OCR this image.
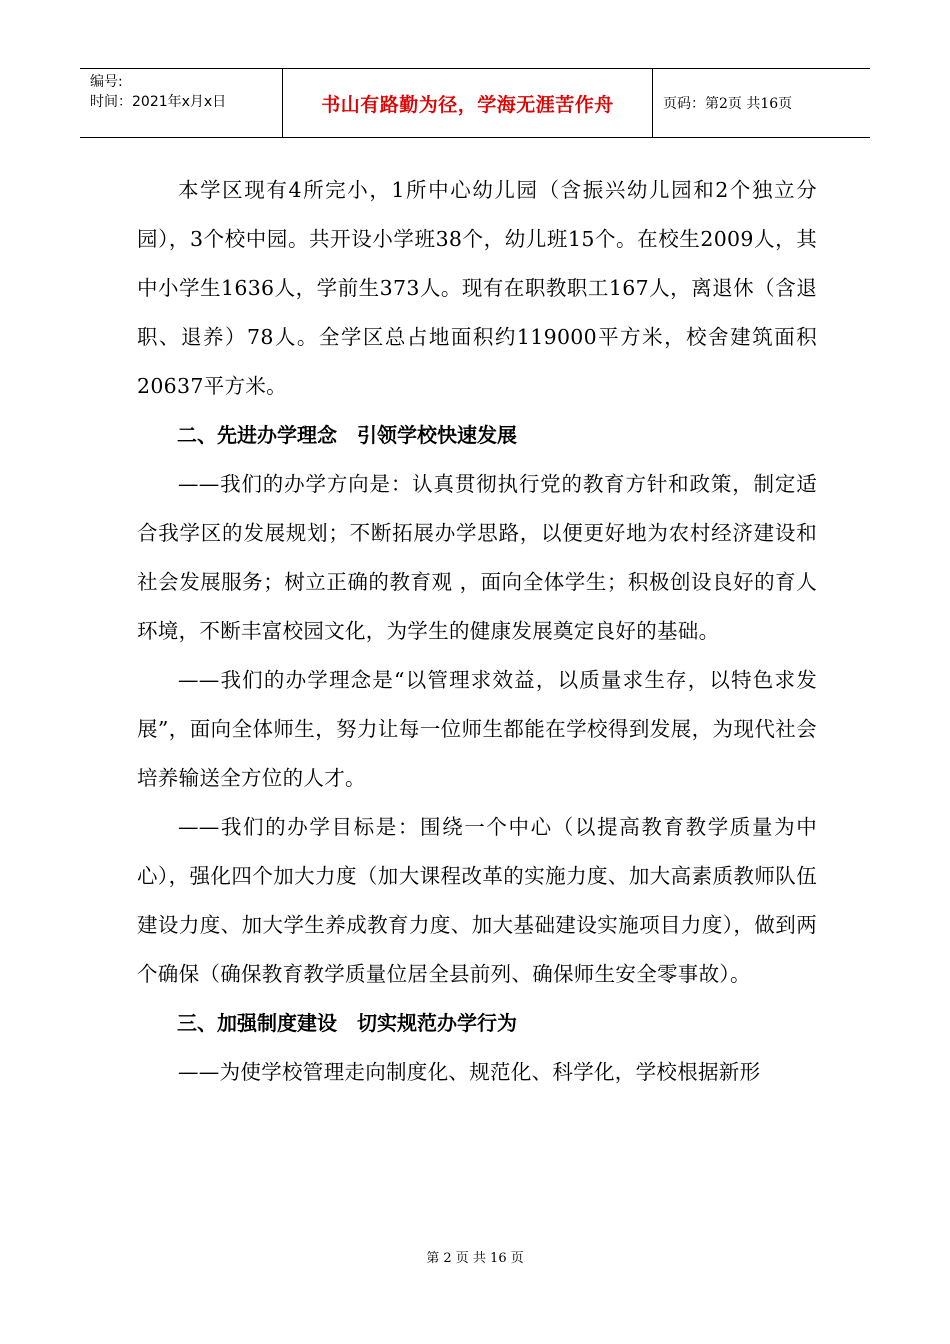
编号:
时间：2021年x月x日	书山有路勤为径，学海无涯苦作舟	页码：第2页 共16页

本学区现有4所完小，1所中心幼儿园（含振兴幼儿园和2个独立分园），3个校中园。共开设小学班38个，幼儿班15个。在校生2009人，其中小学生1636人，学前生373人。现有在职教职工167人，离退休（含退职、退养）78人。全学区总占地面积约119000平方米，校舍建筑面积20637平方米。

二、先进办学理念　引领学校快速发展

——我们的办学方向是：认真贯彻执行党的教育方针和政策，制定适合我学区的发展规划；不断拓展办学思路，以便更好地为农村经济建设和社会发展服务；树立正确的教育观 ，面向全体学生；积极创设良好的育人环境，不断丰富校园文化，为学生的健康发展奠定良好的基础。

——我们的办学理念是“以管理求效益，以质量求生存，以特色求发展”，面向全体师生，努力让每一位师生都能在学校得到发展，为现代社会培养输送全方位的人才。

——我们的办学目标是：围绕一个中心（以提高教育教学质量为中心），强化四个加大力度（加大课程改革的实施力度、加大高素质教师队伍建设力度、加大学生养成教育力度、加大基础建设实施项目力度），做到两个确保（确保教育教学质量位居全县前列、确保师生安全零事故）。

三、加强制度建设　切实规范办学行为

——为使学校管理走向制度化、规范化、科学化，学校根据新形

第 2 页 共 16 页
